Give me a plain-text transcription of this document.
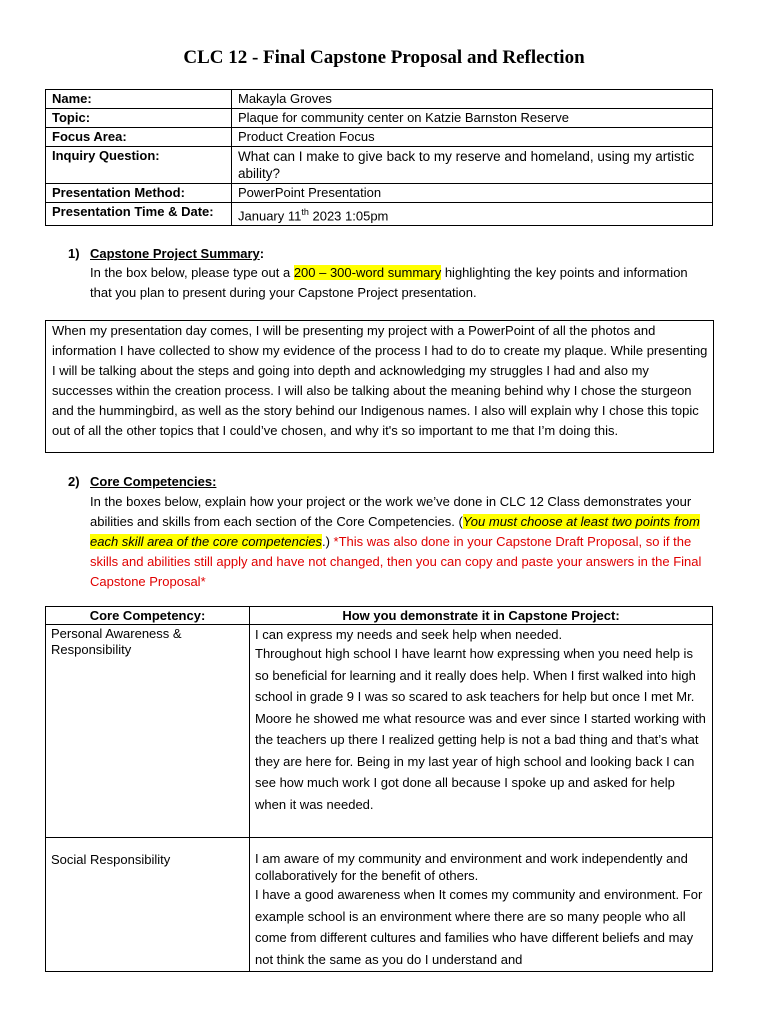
CLC 12 - Final Capstone Proposal and Reflection
Name:	Makayla Groves
Topic:	Plaque for community center on Katzie Barnston Reserve
Focus Area:	Product Creation Focus
Inquiry Question:	What can I make to give back to my reserve and homeland, using my artistic ability?
Presentation Method:	PowerPoint Presentation
Presentation Time & Date:	January 11th 2023 1:05pm
1) Capstone Project Summary:
In the box below, please type out a 200 – 300-word summary highlighting the key points and information that you plan to present during your Capstone Project presentation.
When my presentation day comes, I will be presenting my project with a PowerPoint of all the photos and information I have collected to show my evidence of the process I had to do to create my plaque. While presenting I will be talking about the steps and going into depth and acknowledging my struggles I had and also my successes within the creation process. I will also be talking about the meaning behind why I chose the sturgeon and the hummingbird, as well as the story behind our Indigenous names. I also will explain why I chose this topic out of all the other topics that I could’ve chosen, and why it's so important to me that I’m doing this.
2) Core Competencies:
In the boxes below, explain how your project or the work we’ve done in CLC 12 Class demonstrates your abilities and skills from each section of the Core Competencies. (You must choose at least two points from each skill area of the core competencies.) *This was also done in your Capstone Draft Proposal, so if the skills and abilities still apply and have not changed, then you can copy and paste your answers in the Final Capstone Proposal*
Core Competency:	How you demonstrate it in Capstone Project:
Personal Awareness & Responsibility	I can express my needs and seek help when needed.
Throughout high school I have learnt how expressing when you need help is so beneficial for learning and it really does help. When I first walked into high school in grade 9 I was so scared to ask teachers for help but once I met Mr. Moore he showed me what resource was and ever since I started working with the teachers up there I realized getting help is not a bad thing and that’s what they are here for. Being in my last year of high school and looking back I can see how much work I got done all because I spoke up and asked for help when it was needed.
Social Responsibility	I am aware of my community and environment and work independently and collaboratively for the benefit of others.
I have a good awareness when It comes my community and environment. For example school is an environment where there are so many people who all come from different cultures and families who have different beliefs and may not think the same as you do I understand and
